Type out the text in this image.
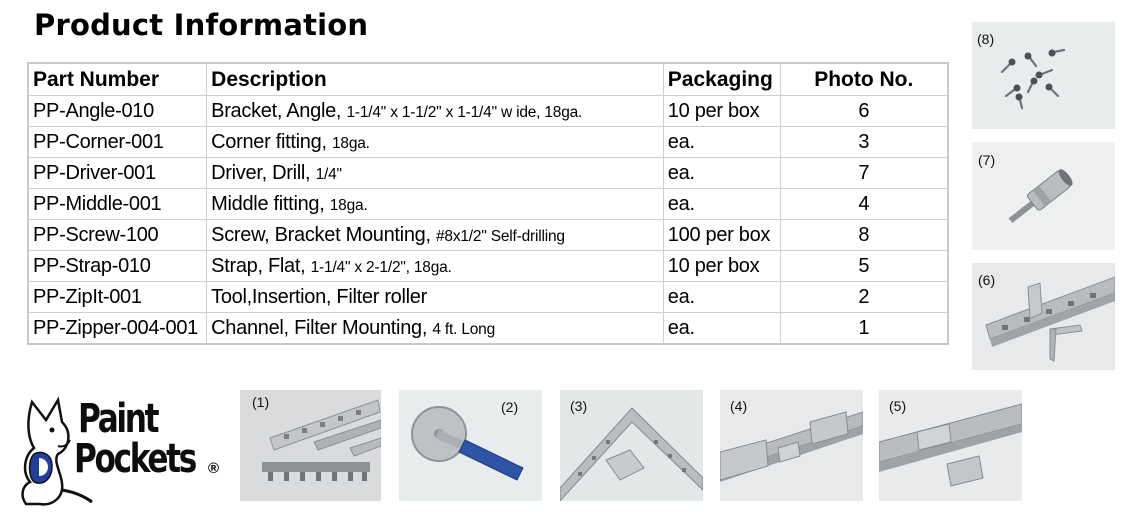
Product Information
Part Number	Description	Packaging	Photo No.
PP-Angle-010	Bracket, Angle, 1-1/4" x 1-1/2" x 1-1/4" w ide, 18ga.	10 per box	6
PP-Corner-001	Corner fitting, 18ga.	ea.	3
PP-Driver-001	Driver, Drill, 1/4"	ea.	7
PP-Middle-001	Middle fitting, 18ga.	ea.	4
PP-Screw-100	Screw, Bracket Mounting, #8x1/2" Self-drilling	100 per box	8
PP-Strap-010	Strap, Flat, 1-1/4" x 2-1/2", 18ga.	10 per box	5
PP-ZipIt-001	Tool,Insertion, Filter roller	ea.	2
PP-Zipper-004-001	Channel, Filter Mounting, 4 ft. Long	ea.	1
(8)
(7)
(6)
(1)	(2)	(3)	(4)	(5)
Paint
Pockets ®
